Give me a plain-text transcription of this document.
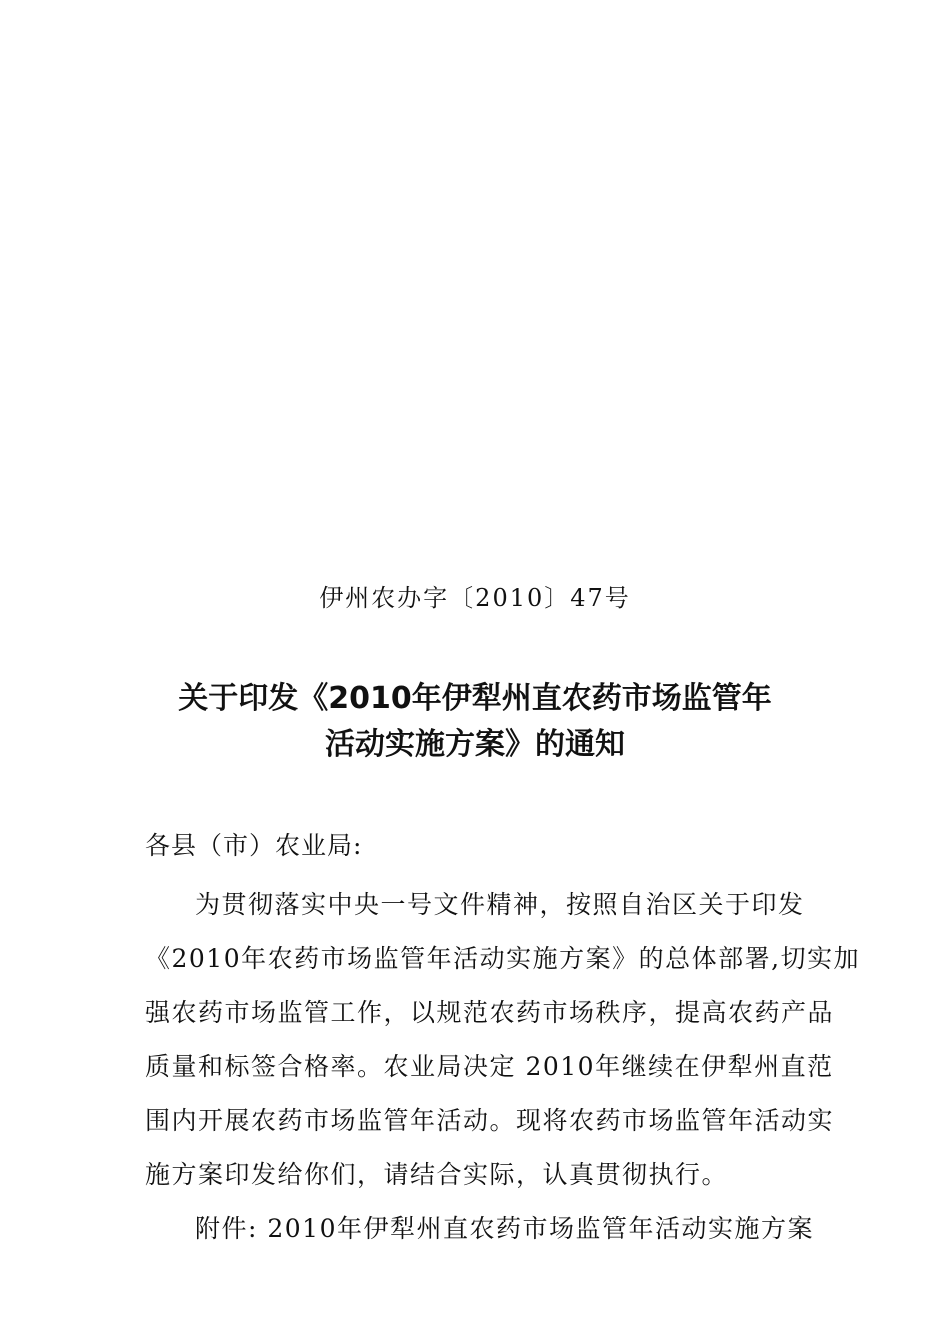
伊州农办字〔2010〕47号
关于印发《2010年伊犁州直农药市场监管年
活动实施方案》的通知
各县（市）农业局:
为贯彻落实中央一号文件精神，按照自治区关于印发
《2010年农药市场监管年活动实施方案》的总体部署,切实加
强农药市场监管工作，以规范农药市场秩序，提高农药产品
质量和标签合格率。农业局决定 2010年继续在伊犁州直范
围内开展农药市场监管年活动。现将农药市场监管年活动实
施方案印发给你们，请结合实际，认真贯彻执行。
附件: 2010年伊犁州直农药市场监管年活动实施方案
